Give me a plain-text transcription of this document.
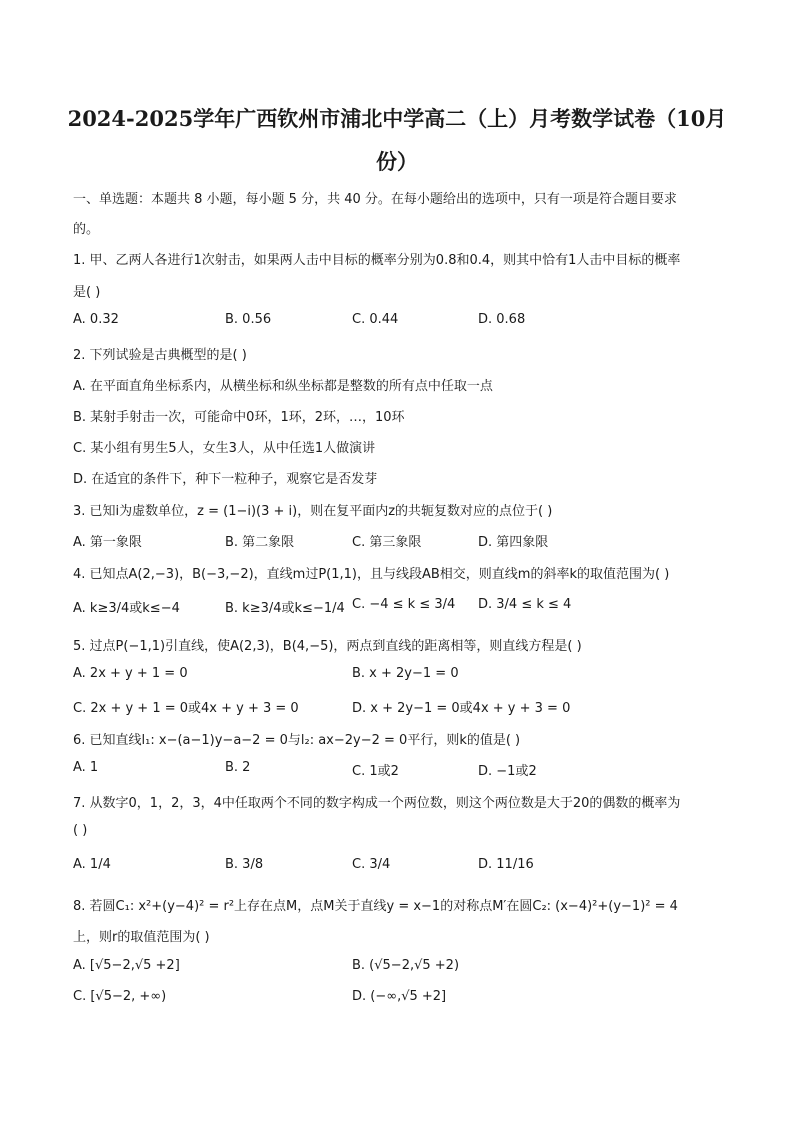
2024-2025学年广西钦州市浦北中学高二（上）月考数学试卷（10月
份）
一、单选题：本题共 8 小题，每小题 5 分，共 40 分。在每小题给出的选项中，只有一项是符合题目要求
的。
1. 甲、乙两人各进行1次射击，如果两人击中目标的概率分别为0.8和0.4，则其中恰有1人击中目标的概率
是( )
A. 0.32	B. 0.56	C. 0.44	D. 0.68
2. 下列试验是古典概型的是( )
A. 在平面直角坐标系内，从横坐标和纵坐标都是整数的所有点中任取一点
B. 某射手射击一次，可能命中0环，1环，2环，…，10环
C. 某小组有男生5人，女生3人，从中任选1人做演讲
D. 在适宜的条件下，种下一粒种子，观察它是否发芽
3. 已知i为虚数单位，z = (1−i)(3 + i)，则在复平面内z的共轭复数对应的点位于( )
A. 第一象限	B. 第二象限	C. 第三象限	D. 第四象限
4. 已知点A(2,−3)，B(−3,−2)，直线m过P(1,1)，且与线段AB相交，则直线m的斜率k的取值范围为( )
A. k≥3/4或k≤−4	B. k≥3/4或k≤−1/4 C. −4 ≤ k ≤ 3/4 D. 3/4 ≤ k ≤ 4
5. 过点P(−1,1)引直线，使A(2,3)，B(4,−5)，两点到直线的距离相等，则直线方程是( )
A. 2x + y + 1 = 0	B. x + 2y−1 = 0
C. 2x + y + 1 = 0或4x + y + 3 = 0	D. x + 2y−1 = 0或4x + y + 3 = 0
6. 已知直线l₁: x−(a−1)y−a−2 = 0与l₂: ax−2y−2 = 0平行，则k的值是( )
A. 1	B. 2	C. 1或2	D. −1或2
7. 从数字0，1，2，3，4中任取两个不同的数字构成一个两位数，则这个两位数是大于20的偶数的概率为
( )
A. 1/4	B. 3/8	C. 3/4	D. 11/16
8. 若圆C₁: x²+(y−4)² = r²上存在点M，点M关于直线y = x−1的对称点M′在圆C₂: (x−4)²+(y−1)² = 4
上，则r的取值范围为( )
A. [√5−2,√5 +2]	B. (√5−2,√5 +2)
C. [√5−2, +∞)	D. (−∞,√5 +2]
